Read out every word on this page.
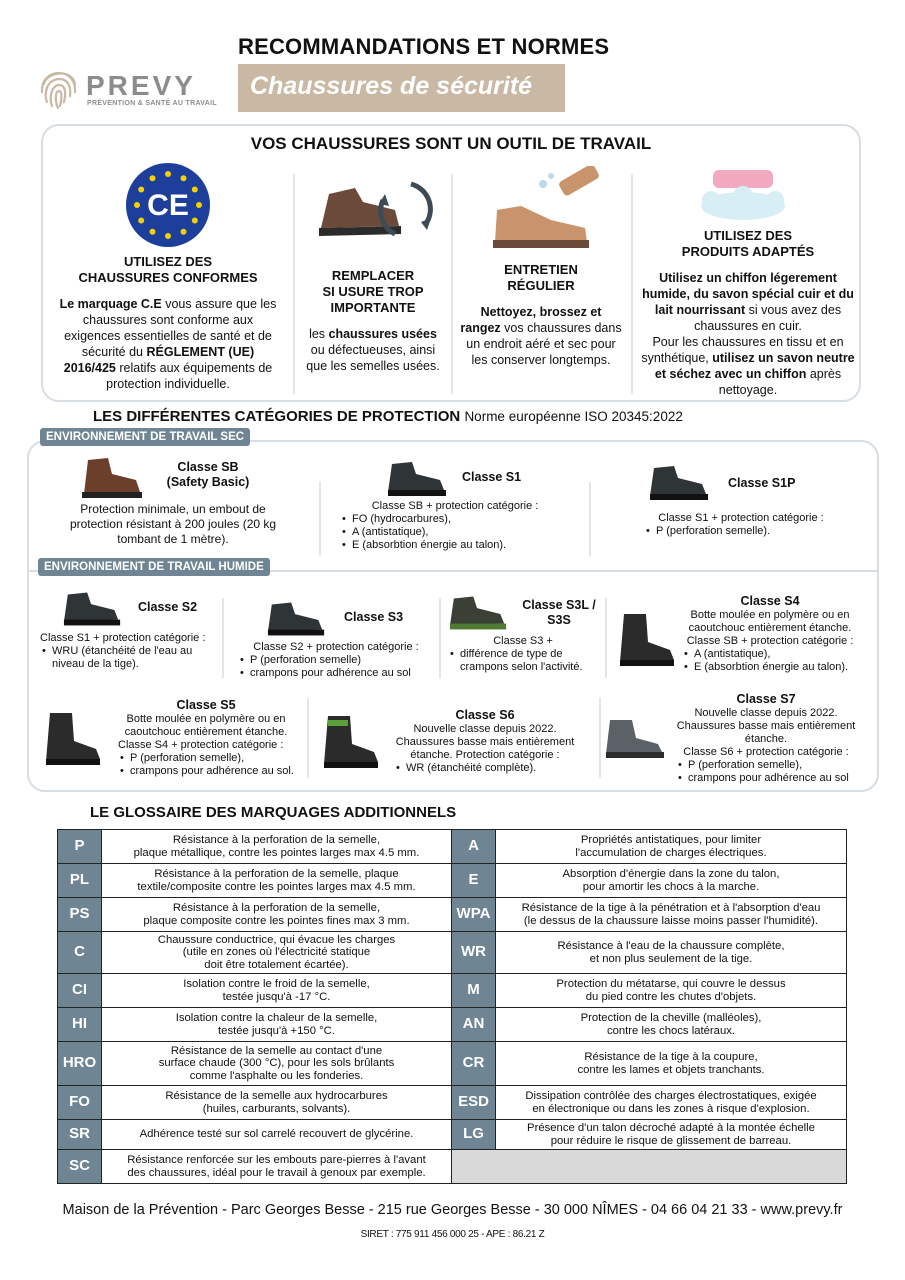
PREVY
PRÉVENTION & SANTÉ AU TRAVAIL
RECOMMANDATIONS ET NORMES
Chaussures de sécurité
VOS CHAUSSURES SONT UN OUTIL DE TRAVAIL
CE
UTILISEZ DES
CHAUSSURES CONFORMES

Le marquage C.E vous assure que les chaussures sont conforme aux exigences essentielles de santé et de sécurité du RÉGLEMENT (UE) 2016/425 relatifs aux équipements de protection individuelle.

REMPLACER
SI USURE TROP
IMPORTANTE

les chaussures usées ou défectueuses, ainsi que les semelles usées.

ENTRETIEN
RÉGULIER

Nettoyez, brossez et rangez vos chaussures dans un endroit aéré et sec pour les conserver longtemps.

UTILISEZ DES
PRODUITS ADAPTÉS

Utilisez un chiffon légerement humide, du savon spécial cuir et du lait nourrissant si vous avez des chaussures en cuir.
Pour les chaussures en tissu et en synthétique, utilisez un savon neutre et séchez avec un chiffon après nettoyage.

LES DIFFÉRENTES CATÉGORIES DE PROTECTION Norme européenne ISO 20345:2022
ENVIRONNEMENT DE TRAVAIL SEC
ENVIRONNEMENT DE TRAVAIL HUMIDE
Classe SB
(Safety Basic)
Protection minimale, un embout de protection résistant à 200 joules (20 kg tombant de 1 mètre).
Classe S1
Classe SB + protection catégorie :
• FO (hydrocarbures),
• A (antistatique),
• E (absorbtion énergie au talon).
Classe S1P
Classe S1 + protection catégorie :
• P (perforation semelle).
Classe S2
Classe S1 + protection catégorie :
• WRU (étanchéité de l'eau au niveau de la tige).
Classe S3
Classe S2 + protection catégorie :
• P (perforation semelle)
• crampons pour adhérence au sol
Classe S3L /
S3S
Classe S3 +
• différence de type de crampons selon l'activité.
Classe S4
Botte moulée en polymère ou en caoutchouc entièrement étanche.
Classe SB + protection catégorie :
• A (antistatique),
• E (absorbtion énergie au talon).
Classe S5
Botte moulée en polymère ou en caoutchouc entièrement étanche.
Classe S4 + protection catégorie :
• P (perforation semelle),
• crampons pour adhérence au sol.
Classe S6
Nouvelle classe depuis 2022. Chaussures basse mais entièrement étanche. Protection catégorie :
• WR (étanchéité complète).
Classe S7
Nouvelle classe depuis 2022. Chaussures basse mais entièrement étanche.
Classe S6 + protection catégorie :
• P (perforation semelle),
• crampons pour adhérence au sol
LE GLOSSAIRE DES MARQUAGES ADDITIONNELS
P	Résistance à la perforation de la semelle,
plaque métallique, contre les pointes larges max 4.5 mm.	A	Propriétés antistatiques, pour limiter
l'accumulation de charges électriques.
PL	Résistance à la perforation de la semelle, plaque
textile/composite contre les pointes larges max 4.5 mm.	E	Absorption d'énergie dans la zone du talon,
pour amortir les chocs à la marche.
PS	Résistance à la perforation de la semelle,
plaque composite contre les pointes fines max 3 mm.	WPA	Résistance de la tige à la pénétration et à l'absorption d'eau
(le dessus de la chaussure laisse moins passer l'humidité).
C	Chaussure conductrice, qui évacue les charges
(utile en zones où l'électricité statique
doit être totalement écartée).	WR	Résistance à l'eau de la chaussure complète,
et non plus seulement de la tige.
CI	Isolation contre le froid de la semelle,
testée jusqu'à -17 °C.	M	Protection du métatarse, qui couvre le dessus
du pied contre les chutes d'objets.
HI	Isolation contre la chaleur de la semelle,
testée jusqu'à +150 °C.	AN	Protection de la cheville (malléoles),
contre les chocs latéraux.
HRO	Résistance de la semelle au contact d'une
surface chaude (300 °C), pour les sols brûlants
comme l'asphalte ou les fonderies.	CR	Résistance de la tige à la coupure,
contre les lames et objets tranchants.
FO	Résistance de la semelle aux hydrocarbures
(huiles, carburants, solvants).	ESD	Dissipation contrôlée des charges électrostatiques, exigée
en électronique ou dans les zones à risque d'explosion.
SR	Adhérence testé sur sol carrelé recouvert de glycérine.	LG	Présence d'un talon décroché adapté à la montée échelle
pour réduire le risque de glissement de barreau.
SC	Résistance renforcée sur les embouts pare-pierres à l'avant
des chaussures, idéal pour le travail à genoux par exemple.		
Maison de la Prévention - Parc Georges Besse - 215 rue Georges Besse - 30 000 NÎMES - 04 66 04 21 33 - www.prevy.fr
SIRET : 775 911 456 000 25 - APE : 86.21 Z
